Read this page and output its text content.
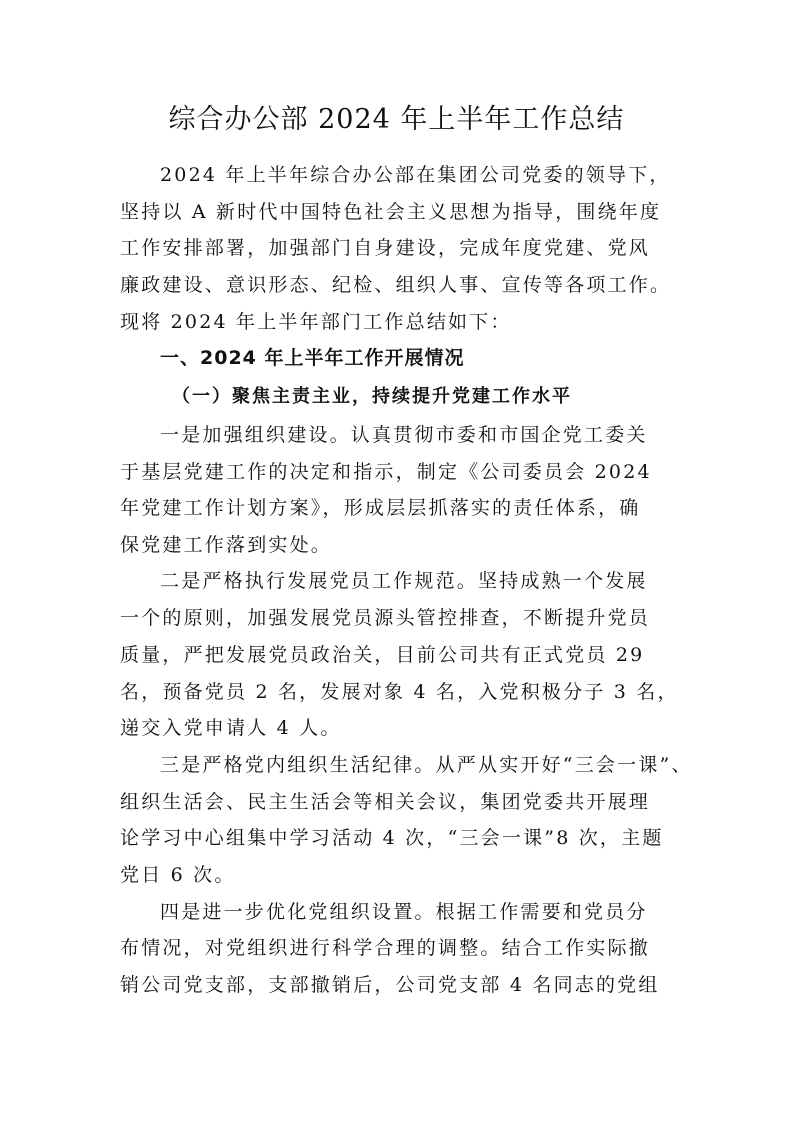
综合办公部 2024 年上半年工作总结

2024 年上半年综合办公部在集团公司党委的领导下，

坚持以 A 新时代中国特色社会主义思想为指导，围绕年度

工作安排部署，加强部门自身建设，完成年度党建、党风

廉政建设、意识形态、纪检、组织人事、宣传等各项工作。

现将 2024 年上半年部门工作总结如下：

一、2024 年上半年工作开展情况
（一）聚焦主责主业，持续提升党建工作水平

一是加强组织建设。认真贯彻市委和市国企党工委关

于基层党建工作的决定和指示，制定《公司委员会 2024

年党建工作计划方案》，形成层层抓落实的责任体系，确

保党建工作落到实处。

二是严格执行发展党员工作规范。坚持成熟一个发展

一个的原则，加强发展党员源头管控排查，不断提升党员

质量，严把发展党员政治关，目前公司共有正式党员 29

名，预备党员 2 名，发展对象 4 名，入党积极分子 3 名，

递交入党申请人 4 人。

三是严格党内组织生活纪律。从严从实开好“三会一课”、

组织生活会、民主生活会等相关会议，集团党委共开展理

论学习中心组集中学习活动 4 次，“三会一课”8 次，主题

党日 6 次。

四是进一步优化党组织设置。根据工作需要和党员分

布情况，对党组织进行科学合理的调整。结合工作实际撤

销公司党支部，支部撤销后，公司党支部 4 名同志的党组
